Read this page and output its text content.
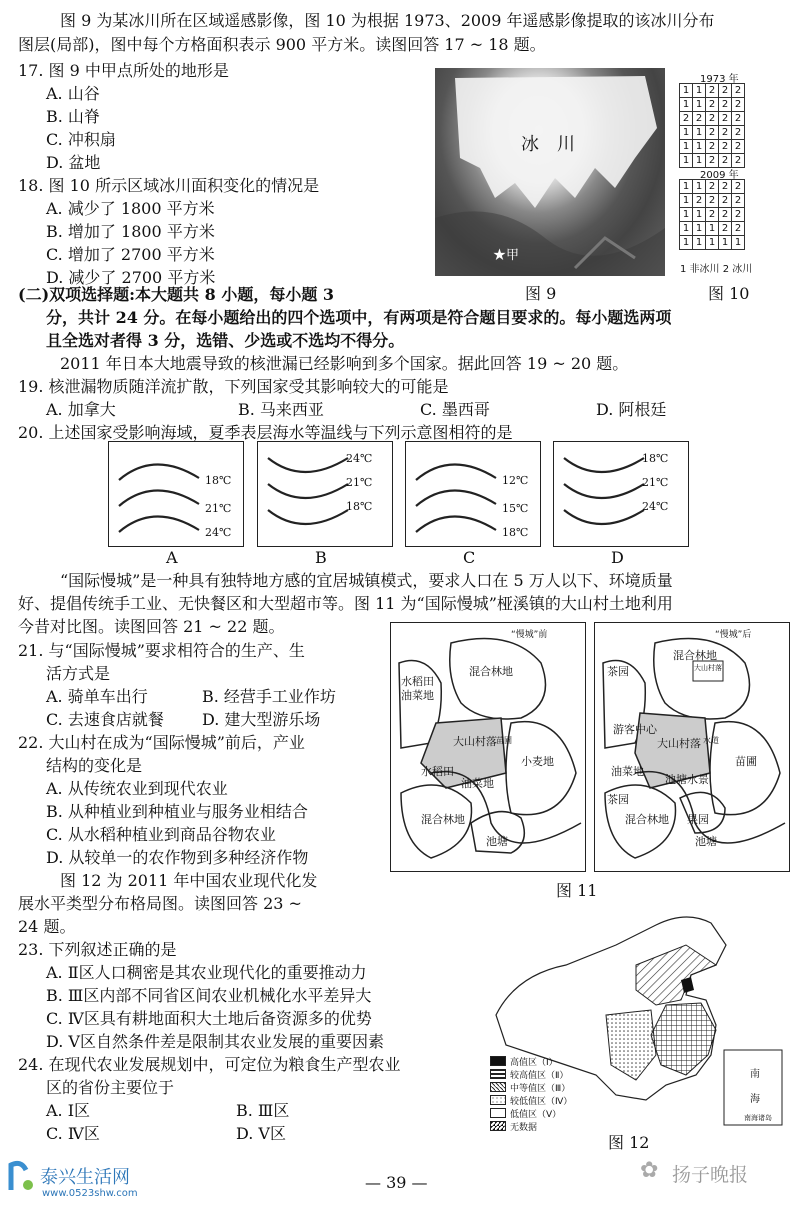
图 9 为某冰川所在区域遥感影像，图 10 为根据 1973、2009 年遥感影像提取的该冰川分布
图层(局部)，图中每个方格面积表示 900 平方米。读图回答 17 ~ 18 题。
17. 图 9 中甲点所处的地形是
A. 山谷
B. 山脊
C. 冲积扇
D. 盆地
18. 图 10 所示区域冰川面积变化的情况是
A. 减少了 1800 平方米
B. 增加了 1800 平方米
C. 增加了 2700 平方米
D. 减少了 2700 平方米
冰　川
★甲
图 9
1973 年
1	1	2	2	2
1	1	2	2	2
2	2	2	2	2
1	1	2	2	2
1	1	2	2	2
1	1	2	2	2
2009 年
1	1	2	2	2
1	2	2	2	2
1	1	2	2	2
1	1	1	2	2
1	1	1	1	1
1 非冰川 2 冰川
图 10
(二)双项选择题:本大题共 8 小题，每小题 3
分，共计 24 分。在每小题给出的四个选项中，有两项是符合题目要求的。每小题选两项
且全选对者得 3 分，选错、少选或不选均不得分。
2011 年日本大地震导致的核泄漏已经影响到多个国家。据此回答 19 ~ 20 题。
19. 核泄漏物质随洋流扩散，下列国家受其影响较大的可能是
A. 加拿大	B. 马来西亚	C. 墨西哥	D. 阿根廷
20. 上述国家受影响海域，夏季表层海水等温线与下列示意图相符的是
18℃
21℃
24℃
A
24℃
21℃
18℃
B
12℃
15℃
18℃
C
18℃
21℃
24℃
D
“国际慢城”是一种具有独特地方感的宜居城镇模式，要求人口在 5 万人以下、环境质量
好、提倡传统手工业、无快餐区和大型超市等。图 11 为“国际慢城”桠溪镇的大山村土地利用
今昔对比图。读图回答 21 ~ 22 题。
21. 与“国际慢城”要求相符合的生产、生
活方式是
A. 骑单车出行	B. 经营手工业作坊
C. 去速食店就餐 D. 建大型游乐场
22. 大山村在成为“国际慢城”前后，产业
结构的变化是
A. 从传统农业到现代农业
B. 从种植业到种植业与服务业相结合
C. 从水稻种植业到商品谷物农业
D. 从较单一的农作物到多种经济作物
图 12 为 2011 年中国农业现代化发
展水平类型分布格局图。读图回答 23 ~
24 题。
“慢城”前
水稻田
油菜地
混合林地
大山村落
小麦地
水稻田
油菜地
混合林地
池塘
苗圃
“慢城”后
茶园
混合林地
大山村落
游客中心
大山村落
油菜地
池塘水景
苗圃
茶园
混合林地 果园
池塘
水道
图 11
23. 下列叙述正确的是
A. Ⅱ区人口稠密是其农业现代化的重要推动力
B. Ⅲ区内部不同省区间农业机械化水平差异大
C. Ⅳ区具有耕地面积大土地后备资源多的优势
D. Ⅴ区自然条件差是限制其农业发展的重要因素
24. 在现代农业发展规划中，可定位为粮食生产型农业
区的省份主要位于
A. Ⅰ区	B. Ⅲ区
C. Ⅳ区	D. Ⅴ区
南
海
南海诸岛
高值区（Ⅰ）
较高值区（Ⅱ）
中等值区（Ⅲ）
较低值区（Ⅳ）
低值区（Ⅴ）
无数据
图 12
泰兴生活网
www.0523shw.com
— 39 —	✿ 扬子晚报
